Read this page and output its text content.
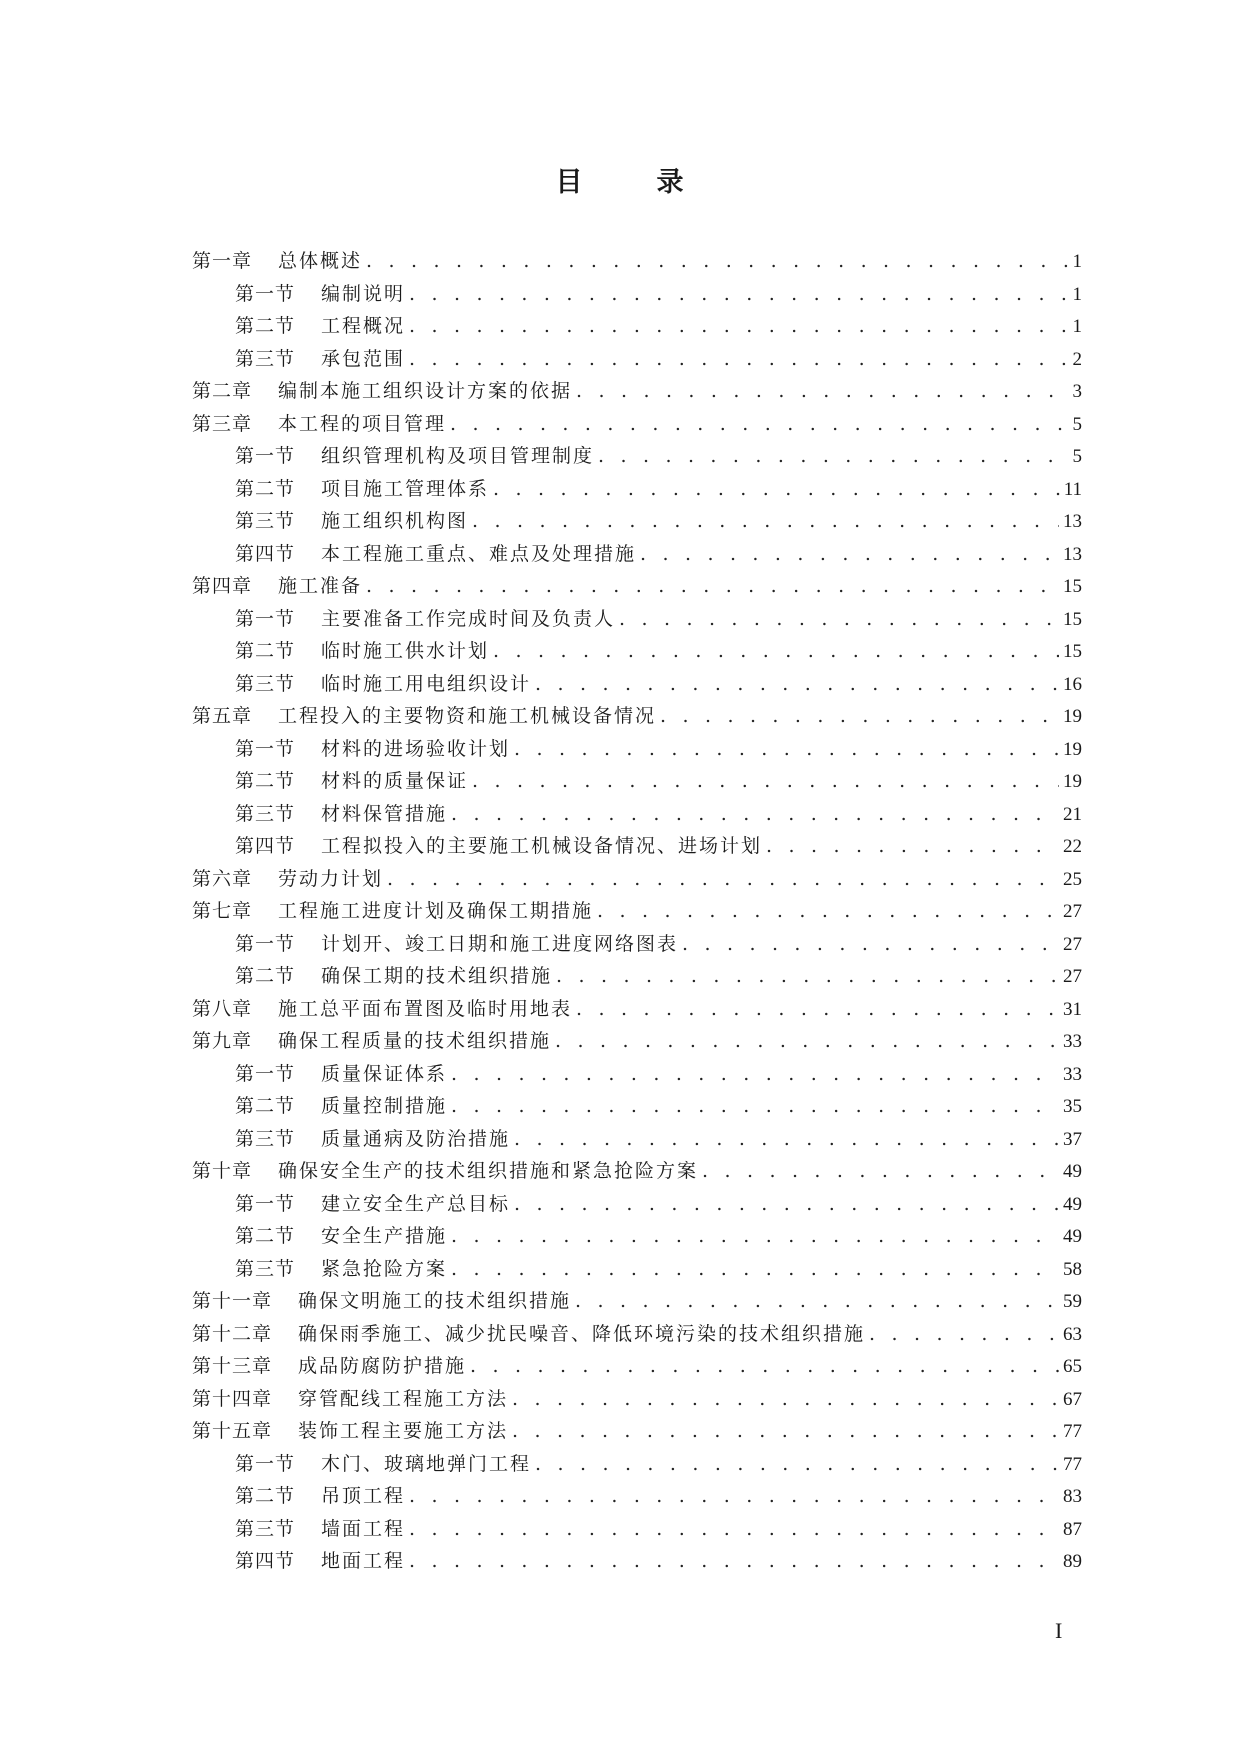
目	录
第一章 总体概述 . . .	1
第一节 编制说明 . . .	1
第二节 工程概况 . . .	1
第三节 承包范围 . . .	2
第二章 编制本施工组织设计方案的依据 . . .	3
第三章 本工程的项目管理 . . .	5
第一节 组织管理机构及项目管理制度 . . .	5
第二节 项目施工管理体系 . . .	11
第三节 施工组织机构图 . . .	13
第四节 本工程施工重点、难点及处理措施 . . .	13
第四章 施工准备 . . .	15
第一节 主要准备工作完成时间及负责人 . . .	15
第二节 临时施工供水计划 . . .	15
第三节 临时施工用电组织设计 . . .	16
第五章 工程投入的主要物资和施工机械设备情况 . . .	19
第一节 材料的进场验收计划 . . .	19
第二节 材料的质量保证 . . .	19
第三节 材料保管措施 . . .	21
第四节 工程拟投入的主要施工机械设备情况、进场计划 . . .	22
第六章 劳动力计划 . . .	25
第七章 工程施工进度计划及确保工期措施 . . .	27
第一节 计划开、竣工日期和施工进度网络图表 . . .	27
第二节 确保工期的技术组织措施 . . .	27
第八章 施工总平面布置图及临时用地表 . . .	31
第九章 确保工程质量的技术组织措施 . . .	33
第一节 质量保证体系 . . .	33
第二节 质量控制措施 . . .	35
第三节 质量通病及防治措施 . . .	37
第十章 确保安全生产的技术组织措施和紧急抢险方案 . . .	49
第一节 建立安全生产总目标 . . .	49
第二节 安全生产措施 . . .	49
第三节 紧急抢险方案 . . .	58
第十一章 确保文明施工的技术组织措施 . . .	59
第十二章 确保雨季施工、减少扰民噪音、降低环境污染的技术组织措施 . . .	63
第十三章 成品防腐防护措施 . . .	65
第十四章 穿管配线工程施工方法 . . .	67
第十五章 装饰工程主要施工方法 . . .	77
第一节 木门、玻璃地弹门工程 . . .	77
第二节 吊顶工程 . . .	83
第三节 墙面工程 . . .	87
第四节 地面工程 . . .	89
I
